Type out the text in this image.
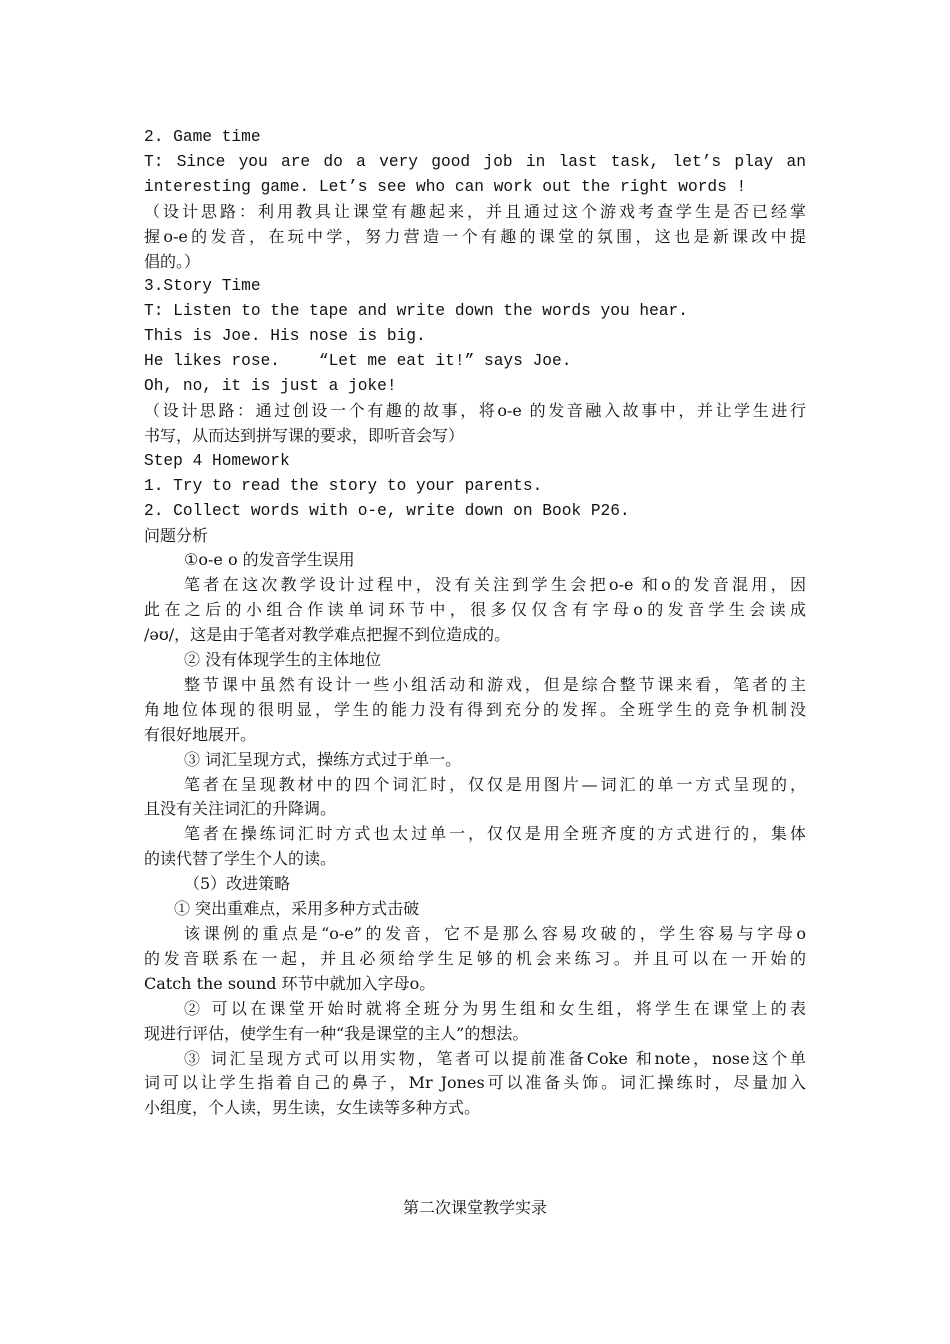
2. Game time

T: Since you are do a very good job in last task, let’s play an

interesting game. Let’s see who can work out the right words !

（设计思路：利用教具让课堂有趣起来，并且通过这个游戏考查学生是否已经掌

握o-e的发音，在玩中学，努力营造一个有趣的课堂的氛围，这也是新课改中提

倡的。）

3.Story Time

T: Listen to the tape and write down the words you hear.

This is Joe. His nose is big.

He likes rose.    “Let me eat it!” says Joe.

Oh, no, it is just a joke!

（设计思路：通过创设一个有趣的故事，将o-e 的发音融入故事中，并让学生进行

书写，从而达到拼写课的要求，即听音会写）

Step 4 Homework

1. Try to read the story to your parents.

2. Collect words with o-e, write down on Book P26.

问题分析

①o-e o 的发音学生误用

笔者在这次教学设计过程中，没有关注到学生会把o-e 和o的发音混用，因

此在之后的小组合作读单词环节中，很多仅仅含有字母o的发音学生会读成

/əʊ/，这是由于笔者对教学难点把握不到位造成的。

② 没有体现学生的主体地位

整节课中虽然有设计一些小组活动和游戏，但是综合整节课来看，笔者的主

角地位体现的很明显，学生的能力没有得到充分的发挥。全班学生的竞争机制没

有很好地展开。

③ 词汇呈现方式，操练方式过于单一。

笔者在呈现教材中的四个词汇时，仅仅是用图片—词汇的单一方式呈现的，

且没有关注词汇的升降调。

笔者在操练词汇时方式也太过单一，仅仅是用全班齐度的方式进行的，集体

的读代替了学生个人的读。

（5）改进策略

① 突出重难点，采用多种方式击破

该课例的重点是“o-e”的发音，它不是那么容易攻破的，学生容易与字母o

的发音联系在一起，并且必须给学生足够的机会来练习。并且可以在一开始的

Catch the sound 环节中就加入字母o。

② 可以在课堂开始时就将全班分为男生组和女生组，将学生在课堂上的表

现进行评估，使学生有一种“我是课堂的主人”的想法。

③ 词汇呈现方式可以用实物，笔者可以提前准备Coke 和note，nose这个单

词可以让学生指着自己的鼻子，Mr Jones可以准备头饰。词汇操练时，尽量加入

小组度，个人读，男生读，女生读等多种方式。

第二次课堂教学实录
